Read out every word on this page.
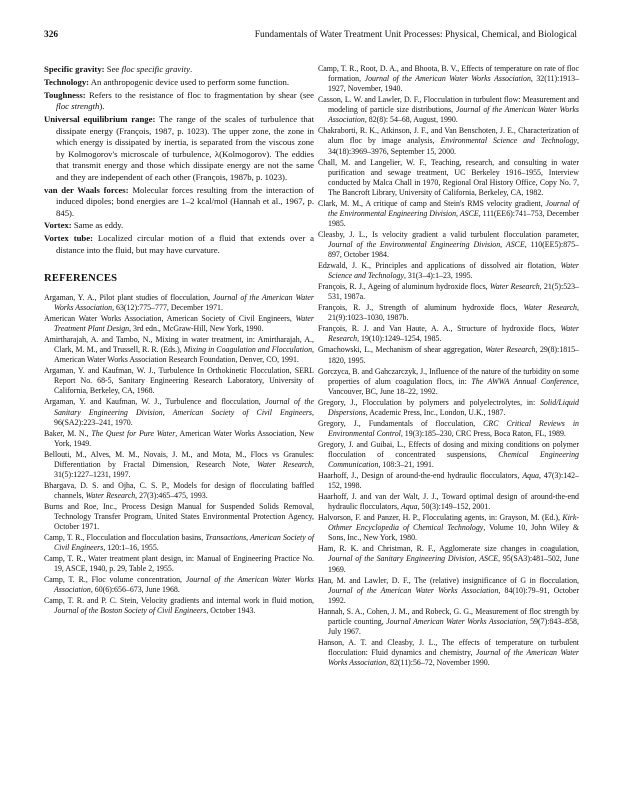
326	Fundamentals of Water Treatment Unit Processes: Physical, Chemical, and Biological

Specific gravity: See floc specific gravity.

Technology: An anthropogenic device used to perform some function.

Toughness: Refers to the resistance of floc to fragmentation by shear (see floc strength).

Universal equilibrium range: The range of the scales of turbulence that dissipate energy (François, 1987, p. 1023). The upper zone, the zone in which energy is dissipated by inertia, is separated from the viscous zone by Kolmogorov's microscale of turbulence, λ(Kolmogorov). The eddies that transmit energy and those which dissipate energy are not the same and they are independent of each other (François, 1987b, p. 1023).

van der Waals forces: Molecular forces resulting from the interaction of induced dipoles; bond energies are 1–2 kcal/mol (Hannah et al., 1967, p. 845).

Vortex: Same as eddy.

Vortex tube: Localized circular motion of a fluid that extends over a distance into the fluid, but may have curvature.

REFERENCES

Argaman, Y. A., Pilot plant studies of flocculation, Journal of the American Water Works Association, 63(12):775–777, December 1971.

American Water Works Association, American Society of Civil Engineers, Water Treatment Plant Design, 3rd edn., McGraw-Hill, New York, 1990.

Amirtharajah, A. and Tambo, N., Mixing in water treatment, in: Amirtharajah, A., Clark, M. M., and Trussell, R. R. (Eds.), Mixing in Coagulation and Flocculation, American Water Works Association Research Foundation, Denver, CO, 1991.

Argaman, Y. and Kaufman, W. J., Turbulence In Orthokinetic Flocculation, SERL Report No. 68-5, Sanitary Engineering Research Laboratory, University of California, Berkeley, CA, 1968.

Argaman, Y. and Kaufman, W. J., Turbulence and flocculation, Journal of the Sanitary Engineering Division, American Society of Civil Engineers, 96(SA2):223–241, 1970.

Baker, M. N., The Quest for Pure Water, American Water Works Association, New York, 1949.

Bellouti, M., Alves, M. M., Novais, J. M., and Mota, M., Flocs vs Granules: Differentiation by Fractal Dimension, Research Note, Water Research, 31(5):1227–1231, 1997.

Bhargava, D. S. and Ojha, C. S. P., Models for design of flocculating baffled channels, Water Research, 27(3):465–475, 1993.

Burns and Roe, Inc., Process Design Manual for Suspended Solids Removal, Technology Transfer Program, United States Environmental Protection Agency, October 1971.

Camp, T. R., Flocculation and flocculation basins, Transactions, American Society of Civil Engineers, 120:1–16, 1955.

Camp, T. R., Water treatment plant design, in: Manual of Engineering Practice No. 19, ASCE, 1940, p. 29, Table 2, 1955.

Camp, T. R., Floc volume concentration, Journal of the American Water Works Association, 60(6):656–673, June 1968.

Camp, T. R. and P. C. Stein, Velocity gradients and internal work in fluid motion, Journal of the Boston Society of Civil Engineers, October 1943.

Camp, T. R., Root, D. A., and Bhoota, B. V., Effects of temperature on rate of floc formation, Journal of the American Water Works Association, 32(11):1913–1927, November, 1940.

Casson, L. W. and Lawler, D. F., Flocculation in turbulent flow: Measurement and modeling of particle size distributions, Journal of the American Water Works Association, 82(8): 54–68, August, 1990.

Chakraborti, R. K., Atkinson, J. F., and Van Benschoten, J. E., Characterization of alum floc by image analysis, Environmental Science and Technology, 34(18):3969–3976, September 15, 2000.

Chall, M. and Langelier, W. F., Teaching, research, and consulting in water purification and sewage treatment, UC Berkeley 1916–1955, Interview conducted by Malca Chall in 1970, Regional Oral History Office, Copy No. 7, The Bancroft Library, University of California, Berkeley, CA, 1982.

Clark, M. M., A critique of camp and Stein's RMS velocity gradient, Journal of the Environmental Engineering Division, ASCE, 111(EE6):741–753, December 1985.

Cleasby, J. L., Is velocity gradient a valid turbulent flocculation parameter, Journal of the Environmental Engineering Division, ASCE, 110(EE5):875–897, October 1984.

Edzwald, J. K., Principles and applications of dissolved air flotation, Water Science and Technology, 31(3–4):1–23, 1995.

François, R. J., Ageing of aluminum hydroxide flocs, Water Research, 21(5):523–531, 1987a.

François, R. J., Strength of aluminum hydroxide flocs, Water Research, 21(9):1023–1030, 1987b.

François, R. J. and Van Haute, A. A., Structure of hydroxide flocs, Water Research, 19(10):1249–1254, 1985.

Gmachowski, L., Mechanism of shear aggregation, Water Research, 29(8):1815–1820, 1995.

Gorczyca, B. and Gahczarczyk, J., Influence of the nature of the turbidity on some properties of alum coagulation flocs, in: The AWWA Annual Conference, Vancouver, BC, June 18–22, 1992.

Gregory, J., Flocculation by polymers and polyelectrolytes, in: Solid/Liquid Dispersions, Academic Press, Inc., London, U.K., 1987.

Gregory, J., Fundamentals of flocculation, CRC Critical Reviews in Environmental Control, 19(3):185–230, CRC Press, Boca Raton, FL, 1989.

Gregory, J. and Guibai, L., Effects of dosing and mixing conditions on polymer flocculation of concentrated suspensions, Chemical Engineering Communication, 108:3–21, 1991.

Haarhoff, J., Design of around-the-end hydraulic flocculators, Aqua, 47(3):142–152, 1998.

Haarhoff, J. and van der Walt, J. J., Toward optimal design of around-the-end hydraulic flocculators, Aqua, 50(3):149–152, 2001.

Halvorson, F. and Panzer, H. P., Flocculating agents, in: Grayson, M. (Ed.), Kirk-Othmer Encyclopedia of Chemical Technology, Volume 10, John Wiley & Sons, Inc., New York, 1980.

Ham, R. K. and Christman, R. F., Agglomerate size changes in coagulation, Journal of the Sanitary Engineering Division, ASCE, 95(SA3):481–502, June 1969.

Han, M. and Lawler, D. F., The (relative) insignificance of G in flocculation, Journal of the American Water Works Association, 84(10):79–91, October 1992.

Hannah, S. A., Cohen, J. M., and Robeck, G. G., Measurement of floc strength by particle counting, Journal American Water Works Association, 59(7):843–858, July 1967.

Hanson, A. T. and Cleasby, J. L., The effects of temperature on turbulent flocculation: Fluid dynamics and chemistry, Journal of the American Water Works Association, 82(11):56–72, November 1990.
